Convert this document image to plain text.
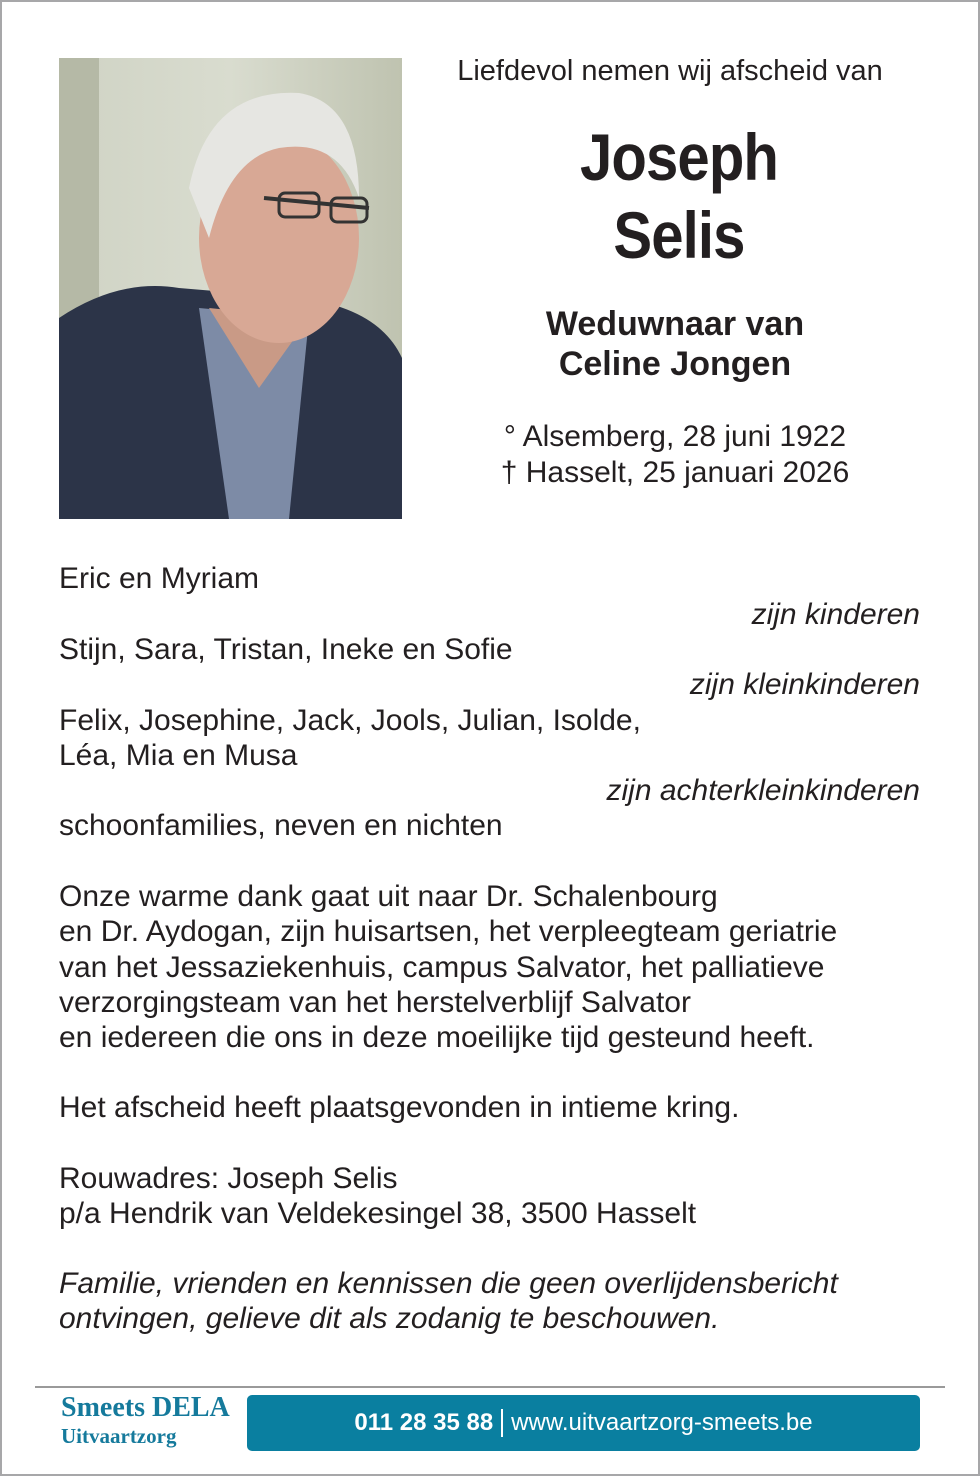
Liefdevol nemen wij afscheid van
Joseph
Selis
Weduwnaar van
Celine Jongen
° Alsemberg, 28 juni 1922
† Hasselt, 25 januari 2026
Eric en Myriam
zijn kinderen
Stijn, Sara, Tristan, Ineke en Sofie
zijn kleinkinderen
Felix, Josephine, Jack, Jools, Julian, Isolde,
Léa, Mia en Musa
zijn achterkleinkinderen
schoonfamilies, neven en nichten
Onze warme dank gaat uit naar Dr. Schalenbourg
en Dr. Aydogan, zijn huisartsen, het verpleegteam geriatrie
van het Jessaziekenhuis, campus Salvator, het palliatieve
verzorgingsteam van het herstelverblijf Salvator
en iedereen die ons in deze moeilijke tijd gesteund heeft.
Het afscheid heeft plaatsgevonden in intieme kring.
Rouwadres: Joseph Selis
p/a Hendrik van Veldekesingel 38, 3500 Hasselt
Familie, vrienden en kennissen die geen overlijdensbericht
ontvingen, gelieve dit als zodanig te beschouwen.
Smeets DELA
Uitvaartzorg	011 28 35 88 www.uitvaartzorg-smeets.be
